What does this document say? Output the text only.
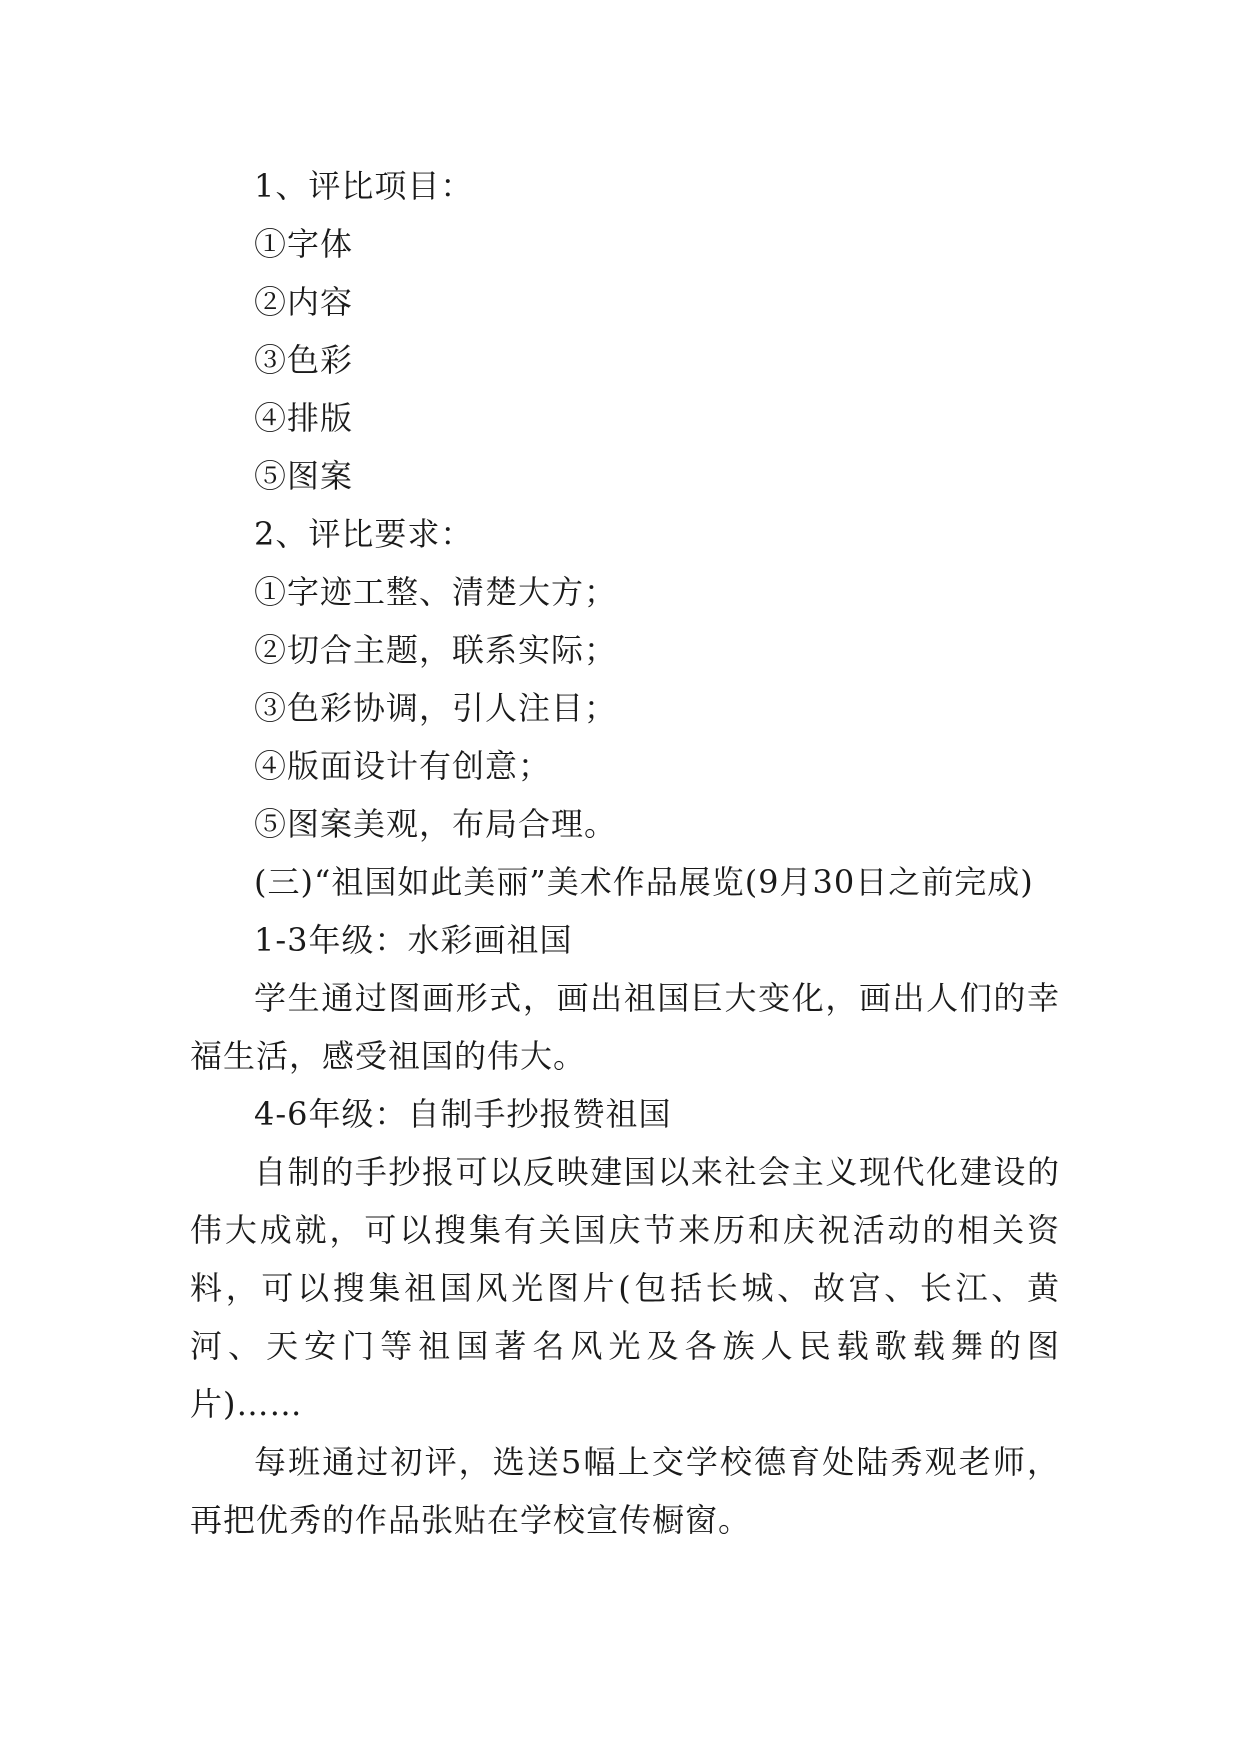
1、评比项目：
①字体
②内容
③色彩
④排版
⑤图案
2、评比要求：
①字迹工整、清楚大方；
②切合主题，联系实际；
③色彩协调，引人注目；
④版面设计有创意；
⑤图案美观，布局合理。
(三)“祖国如此美丽”美术作品展览(9月30日之前完成)
1-3年级：水彩画祖国
学生通过图画形式，画出祖国巨大变化，画出人们的幸福生活，感受祖国的伟大。
4-6年级：自制手抄报赞祖国
自制的手抄报可以反映建国以来社会主义现代化建设的伟大成就，可以搜集有关国庆节来历和庆祝活动的相关资料，可以搜集祖国风光图片(包括长城、故宫、长江、黄河、天安门等祖国著名风光及各族人民载歌载舞的图片)……
每班通过初评，选送5幅上交学校德育处陆秀观老师，再把优秀的作品张贴在学校宣传橱窗。
